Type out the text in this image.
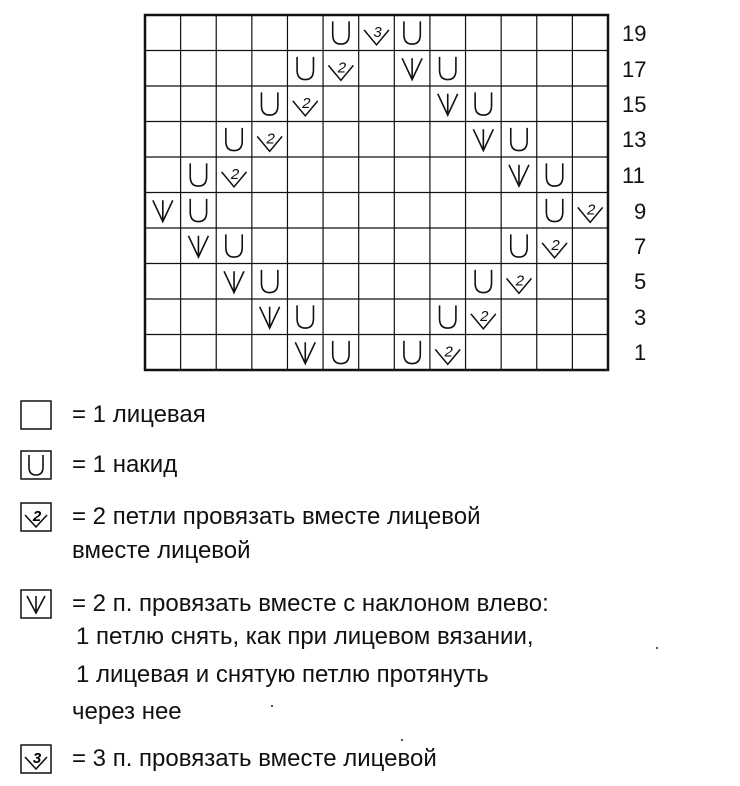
3
2
2
2
2
2
2
2
2
2
19
17
15
13
11
9
7
5
3
1
= 1 лицевая
= 1 накид
2 = 2 петли провязать вместе лицевой
вместе лицевой
= 2 п. провязать вместе с наклоном влево:
1 петлю снять, как при лицевом вязании,
1 лицевая и снятую петлю протянуть
через нее
3 = 3 п. провязать вместе лицевой
